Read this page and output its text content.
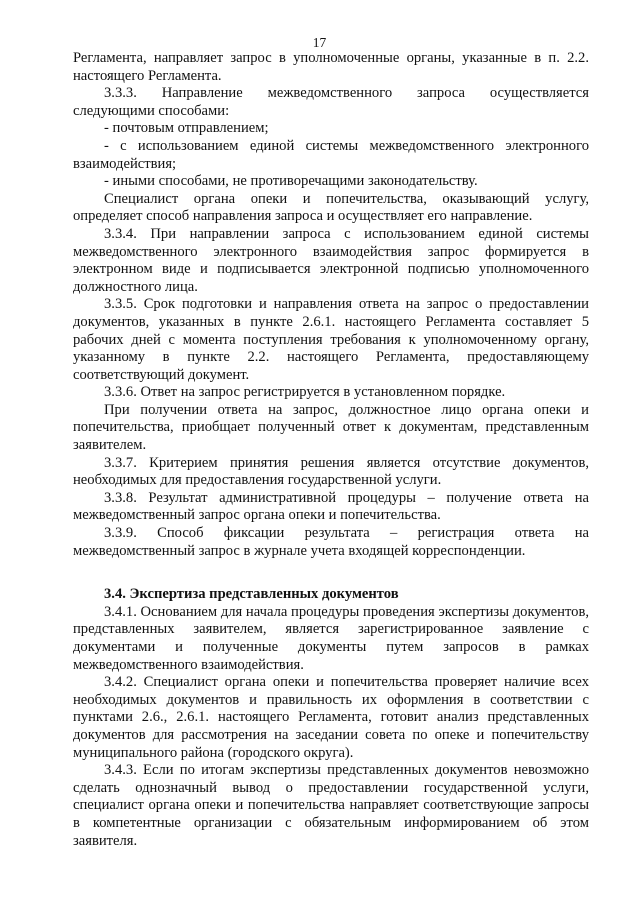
17

Регламента, направляет запрос в уполномоченные органы, указанные в п. 2.2. настоящего Регламента.

3.3.3. Направление межведомственного запроса осуществляется следующими способами:

- почтовым отправлением;

- с использованием единой системы межведомственного электронного взаимодействия;

- иными способами, не противоречащими законодательству.

Специалист органа опеки и попечительства, оказывающий услугу, определяет способ направления запроса и осуществляет его направление.

3.3.4. При направлении запроса с использованием единой системы межведомственного электронного взаимодействия запрос формируется в электронном виде и подписывается электронной подписью уполномоченного должностного лица.

3.3.5. Срок подготовки и направления ответа на запрос о предоставлении документов, указанных в пункте 2.6.1. настоящего Регламента составляет 5 рабочих дней с момента поступления требования к уполномоченному органу, указанному в пункте 2.2. настоящего Регламента, предоставляющему соответствующий документ.

3.3.6. Ответ на запрос регистрируется в установленном порядке.

При получении ответа на запрос, должностное лицо органа опеки и попечительства, приобщает полученный ответ к документам, представленным заявителем.

3.3.7. Критерием принятия решения является отсутствие документов, необходимых для предоставления государственной услуги.

3.3.8. Результат административной процедуры – получение ответа на межведомственный запрос органа опеки и попечительства.

3.3.9. Способ фиксации результата – регистрация ответа на межведомственный запрос в журнале учета входящей корреспонденции.

3.4. Экспертиза представленных документов

3.4.1. Основанием для начала процедуры проведения экспертизы документов, представленных заявителем, является зарегистрированное заявление с документами и полученные документы путем запросов в рамках межведомственного взаимодействия.

3.4.2. Специалист органа опеки и попечительства проверяет наличие всех необходимых документов и правильность их оформления в соответствии с пунктами 2.6., 2.6.1. настоящего Регламента, готовит анализ представленных документов для рассмотрения на заседании совета по опеке и попечительству муниципального района (городского округа).

3.4.3. Если по итогам экспертизы представленных документов невозможно сделать однозначный вывод о предоставлении государственной услуги, специалист органа опеки и попечительства направляет соответствующие запросы в компетентные организации с обязательным информированием об этом заявителя.
